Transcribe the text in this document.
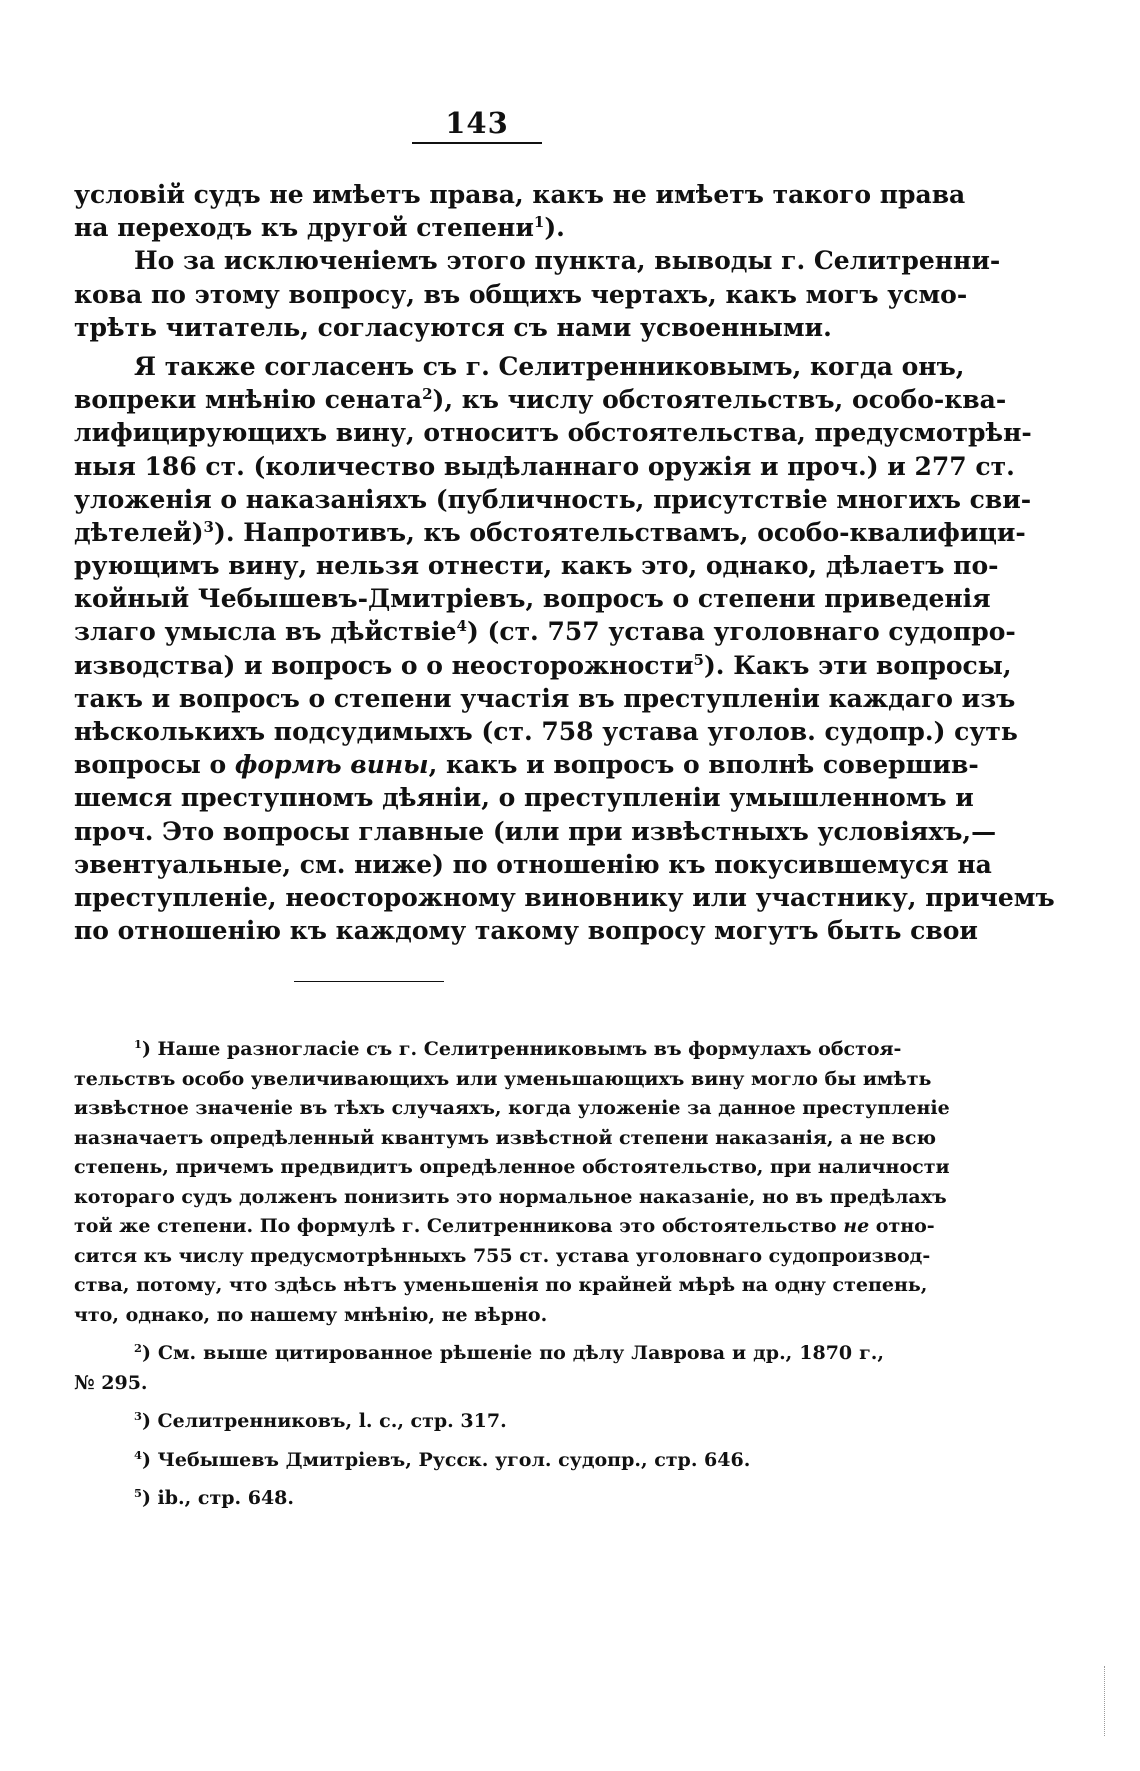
143
условій судъ не имѣетъ права, какъ не имѣетъ такого права
на переходъ къ другой степени$^1$).
Но за исключеніемъ этого пункта, выводы г. Селитренни-
кова по этому вопросу, въ общихъ чертахъ, какъ могъ усмо-
трѣть читатель, согласуются съ нами усвоенными.
Я также согласенъ съ г. Селитренниковымъ, когда онъ,
вопреки мнѣнію сената$^2$), къ числу обстоятельствъ, особо-ква-
лифицирующихъ вину, относитъ обстоятельства, предусмотрѣн-
ныя 186 ст. (количество выдѣланнаго оружія и проч.) и 277 ст.
уложенія о наказаніяхъ (публичность, присутствіе многихъ сви-
дѣтелей)$^3$). Напротивъ, къ обстоятельствамъ, особо-квалифици-
рующимъ вину, нельзя отнести, какъ это, однако, дѣлаетъ по-
койный Чебышевъ-Дмитріевъ, вопросъ о степени приведенія
злаго умысла въ дѣйствіе$^4$) (ст. 757 устава уголовнаго судопро-
изводства) и вопросъ о о неосторожности$^5$). Какъ эти вопросы,
такъ и вопросъ о степени участія въ преступленіи каждаго изъ
нѣсколькихъ подсудимыхъ (ст. 758 устава уголов. судопр.) суть
вопросы о формѣ вины, какъ и вопросъ о вполнѣ совершив-
шемся преступномъ дѣяніи, о преступленіи умышленномъ и
проч. Это вопросы главные (или при извѣстныхъ условіяхъ,—
эвентуальные, см. ниже) по отношенію къ покусившемуся на
преступленіе, неосторожному виновнику или участнику, причемъ
по отношенію къ каждому такому вопросу могутъ быть свои
$^1$) Наше разногласіе съ г. Селитренниковымъ въ формулахъ обстоя-
тельствъ особо увеличивающихъ или уменьшающихъ вину могло бы имѣть
извѣстное значеніе въ тѣхъ случаяхъ, когда уложеніе за данное преступленіе
назначаетъ опредѣленный квантумъ извѣстной степени наказанія, а не всю
степень, причемъ предвидитъ опредѣленное обстоятельство, при наличности
котораго судъ долженъ понизить это нормальное наказаніе, но въ предѣлахъ
той же степени. По формулѣ г. Селитренникова это обстоятельство не отно-
сится къ числу предусмотрѣнныхъ 755 ст. устава уголовнаго судопроизвод-
ства, потому, что здѣсь нѣтъ уменьшенія по крайней мѣрѣ на одну степень,
что, однако, по нашему мнѣнію, не вѣрно.
$^2$) См. выше цитированное рѣшеніе по дѣлу Лаврова и др., 1870 г.,
№ 295.
$^3$) Селитренниковъ, l. c., стр. 317.
$^4$) Чебышевъ Дмитріевъ, Русск. угол. судопр., стр. 646.
$^5$) ib., стр. 648.
